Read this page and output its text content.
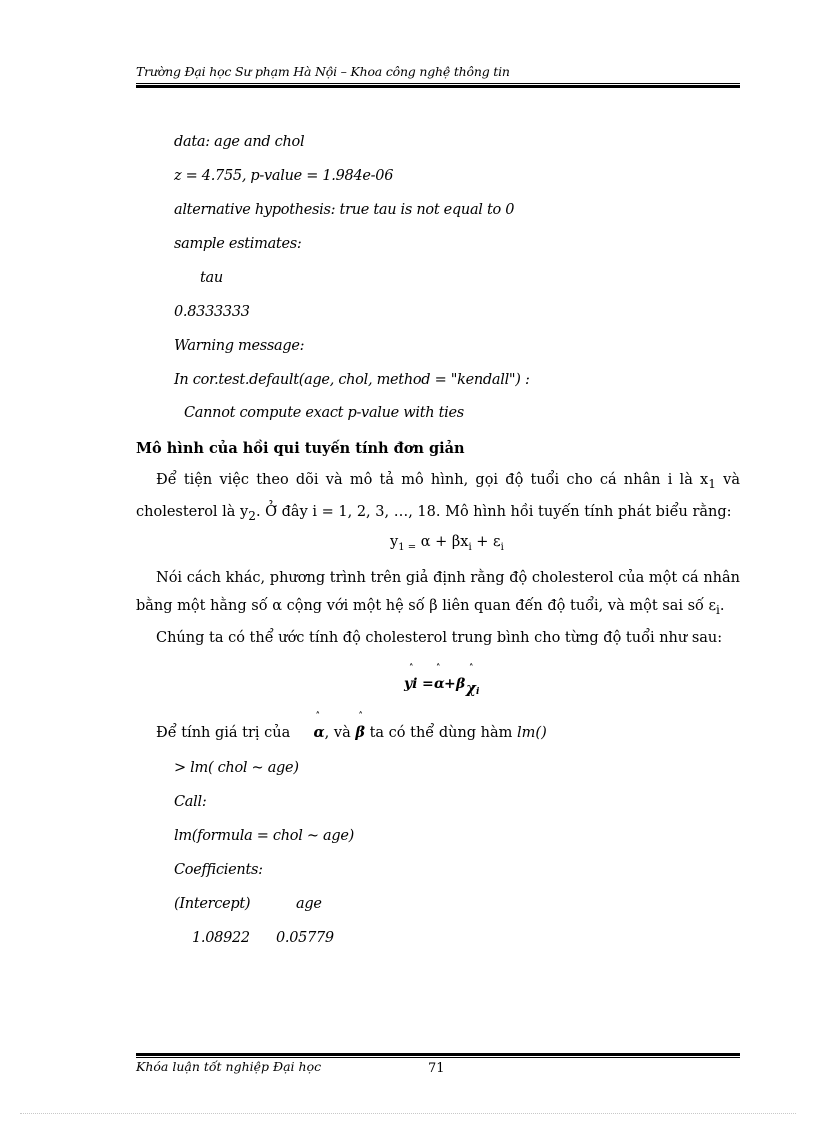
Trường Đại học Sư phạm Hà Nội – Khoa công nghệ thông tin
data: age and chol
z = 4.755, p-value = 1.984e-06
alternative hypothesis: true tau is not equal to 0
sample estimates:
tau
0.8333333
Warning message:
In cor.test.default(age, chol, method = "kendall") :
Cannot compute exact p-value with ties
Mô hình của hồi qui tuyến tính đơn giản
Để tiện việc theo dõi và mô tả mô hình, gọi độ tuổi cho cá nhân i là $x_1$ và cholesterol là $y_2$. Ở đây i = 1, 2, 3, …, 18. Mô hình hồi tuyến tính phát biểu rằng:
$y_{1 =}$ $\alpha + \beta x_i + \varepsilon_i$
Nói cách khác, phương trình trên giả định rằng độ cholesterol của một cá nhân bằng một hằng số α cộng với một hệ số β liên quan đến độ tuổi, và một sai số $\varepsilon_i$.
Chúng ta có thể ước tính độ cholesterol trung bình cho từng độ tuổi như sau:
˄
yi =
˄
α +
˄
β χ i
Để tính giá trị của
˄
α, và
˄
β ta có thể dùng hàm lm()
> lm( chol ~ age)
Call:
lm(formula = chol ~ age)
Coefficients:
(Intercept)	age
1.08922 0.05779
Khóa luận tốt nghiệp Đại học	71
